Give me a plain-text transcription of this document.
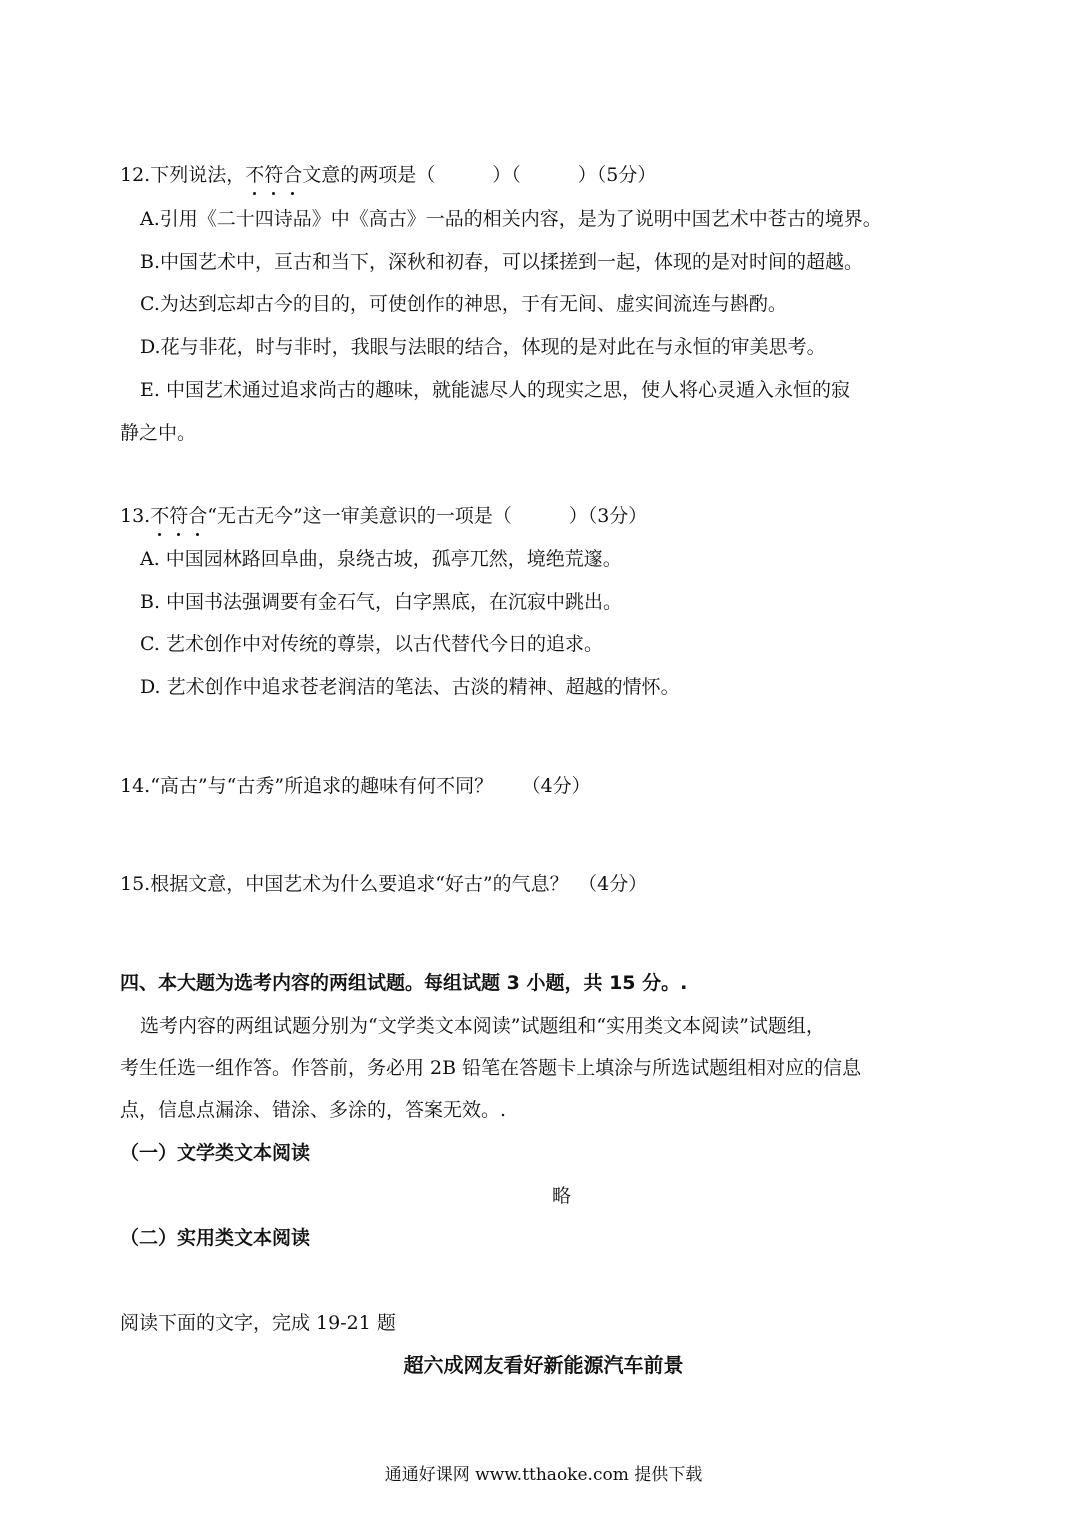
12.下列说法，不符合文意的两项是（　　　）（　　　）（5分）
A.引用《二十四诗品》中《高古》一品的相关内容，是为了说明中国艺术中苍古的境界。
B.中国艺术中，亘古和当下，深秋和初春，可以揉搓到一起，体现的是对时间的超越。
C.为达到忘却古今的目的，可使创作的神思，于有无间、虚实间流连与斟酌。
D.花与非花，时与非时，我眼与法眼的结合，体现的是对此在与永恒的审美思考。
E. 中国艺术通过追求尚古的趣味，就能滤尽人的现实之思，使人将心灵遁入永恒的寂
静之中。
13.不符合“无古无今”这一审美意识的一项是（　　　）（3分）
A. 中国园林路回阜曲，泉绕古坡，孤亭兀然，境绝荒邃。
B. 中国书法强调要有金石气，白字黑底，在沉寂中跳出。
C. 艺术创作中对传统的尊崇，以古代替代今日的追求。
D. 艺术创作中追求苍老润洁的笔法、古淡的精神、超越的情怀。
14.“高古”与“古秀”所追求的趣味有何不同？　　（4分）
15.根据文意，中国艺术为什么要追求“好古”的气息？　（4分）
四、本大题为选考内容的两组试题。每组试题 3 小题，共 15 分。.
选考内容的两组试题分别为“文学类文本阅读”试题组和“实用类文本阅读”试题组，
考生任选一组作答。作答前，务必用 2B 铅笔在答题卡上填涂与所选试题组相对应的信息
点，信息点漏涂、错涂、多涂的，答案无效。.
（一）文学类文本阅读
略
（二）实用类文本阅读
阅读下面的文字，完成 19-21 题
超六成网友看好新能源汽车前景
通通好课网 www.tthaoke.com 提供下载
